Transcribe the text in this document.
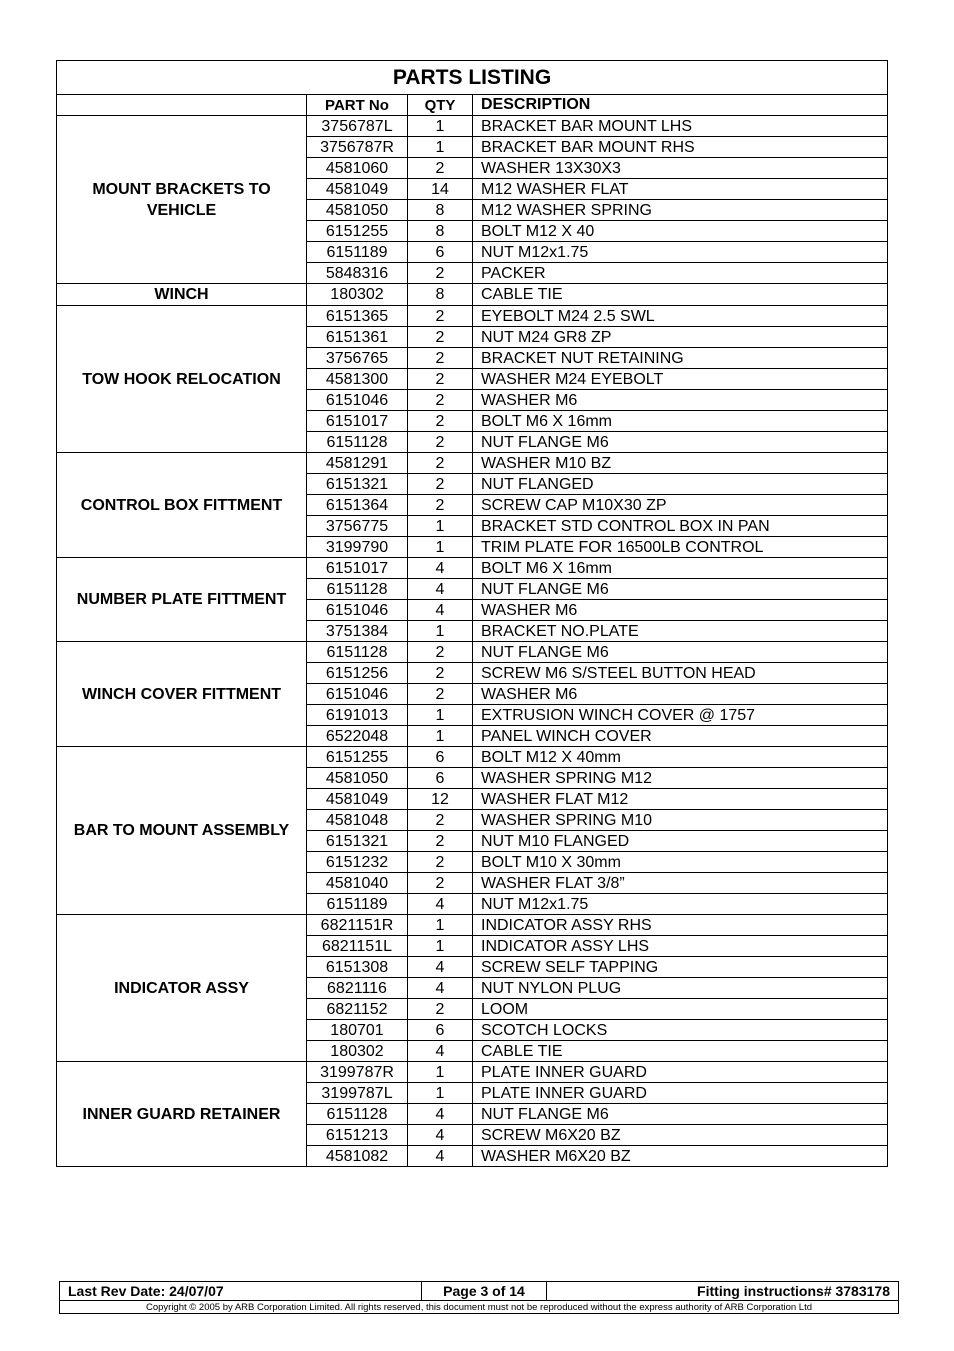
PARTS LISTING			
	PART No	QTY	DESCRIPTION
MOUNT BRACKETS TO VEHICLE	3756787L	1	BRACKET BAR MOUNT LHS
	3756787R	1	BRACKET BAR MOUNT RHS
	4581060	2	WASHER 13X30X3
	4581049	14	M12 WASHER FLAT
	4581050	8	M12 WASHER SPRING
	6151255	8	BOLT M12 X 40
	6151189	6	NUT M12x1.75
	5848316	2	PACKER
WINCH	180302	8	CABLE TIE
TOW HOOK RELOCATION	6151365	2	EYEBOLT M24 2.5 SWL
	6151361	2	NUT M24 GR8 ZP
	3756765	2	BRACKET NUT RETAINING
	4581300	2	WASHER M24 EYEBOLT
	6151046	2	WASHER M6
	6151017	2	BOLT M6 X 16mm
	6151128	2	NUT FLANGE M6
CONTROL BOX FITTMENT	4581291	2	WASHER M10 BZ
	6151321	2	NUT FLANGED
	6151364	2	SCREW CAP M10X30 ZP
	3756775	1	BRACKET STD CONTROL BOX IN PAN
	3199790	1	TRIM PLATE FOR 16500LB CONTROL
NUMBER PLATE FITTMENT	6151017	4	BOLT M6 X 16mm
	6151128	4	NUT FLANGE M6
	6151046	4	WASHER M6
	3751384	1	BRACKET NO.PLATE
WINCH COVER FITTMENT	6151128	2	NUT FLANGE M6
	6151256	2	SCREW M6 S/STEEL BUTTON HEAD
	6151046	2	WASHER M6
	6191013	1	EXTRUSION WINCH COVER @ 1757
	6522048	1	PANEL WINCH COVER
BAR TO MOUNT ASSEMBLY	6151255	6	BOLT M12 X 40mm
	4581050	6	WASHER SPRING M12
	4581049	12	WASHER FLAT M12
	4581048	2	WASHER SPRING M10
	6151321	2	NUT M10 FLANGED
	6151232	2	BOLT M10 X 30mm
	4581040	2	WASHER FLAT 3/8”
	6151189	4	NUT M12x1.75
INDICATOR ASSY	6821151R	1	INDICATOR ASSY RHS
	6821151L	1	INDICATOR ASSY LHS
	6151308	4	SCREW SELF TAPPING
	6821116	4	NUT NYLON PLUG
	6821152	2	LOOM
	180701	6	SCOTCH LOCKS
	180302	4	CABLE TIE
INNER GUARD RETAINER	3199787R	1	PLATE INNER GUARD
	3199787L	1	PLATE INNER GUARD
	6151128	4	NUT FLANGE M6
	6151213	4	SCREW M6X20 BZ
	4581082	4	WASHER M6X20 BZ
Last Rev Date: 24/07/07	Page 3 of 14	Fitting instructions# 3783178
Copyright © 2005 by ARB Corporation Limited. All rights reserved, this document must not be reproduced without the express authority of ARB Corporation Ltd
